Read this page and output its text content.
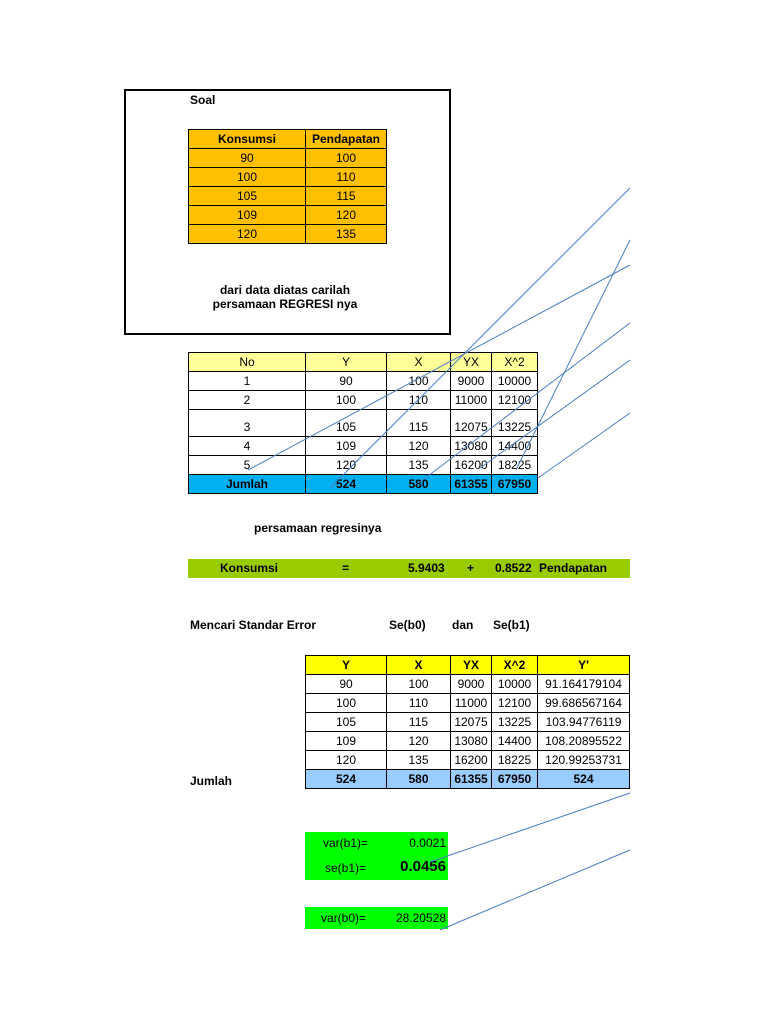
Soal
Konsumsi	Pendapatan
90	100
100	110
105	115
109	120
120	135
dari data diatas carilah
persamaan REGRESI nya
No	Y	X	YX	X^2
1	90	100	9000	10000
2	100	110	11000	12100
3	105	115	12075	13225
4	109	120	13080	14400
5	120	135	16200	18225
Jumlah	524	580	61355	67950
persamaan regresinya
Konsumsi	=	5.9403 + 0.8522 Pendapatan
Mencari Standar Error	Se(b0) dan Se(b1)
Y	X	YX	X^2	Y'
90	100	9000	10000	91.164179104
100	110	11000	12100	99.686567164
105	115	12075	13225	103.94776119
109	120	13080	14400	108.20895522
120	135	16200	18225	120.99253731
524	580	61355	67950	524
Jumlah
var(b1)=	0.0021
se(b1)= 0.0456
var(b0)= 28.20528
